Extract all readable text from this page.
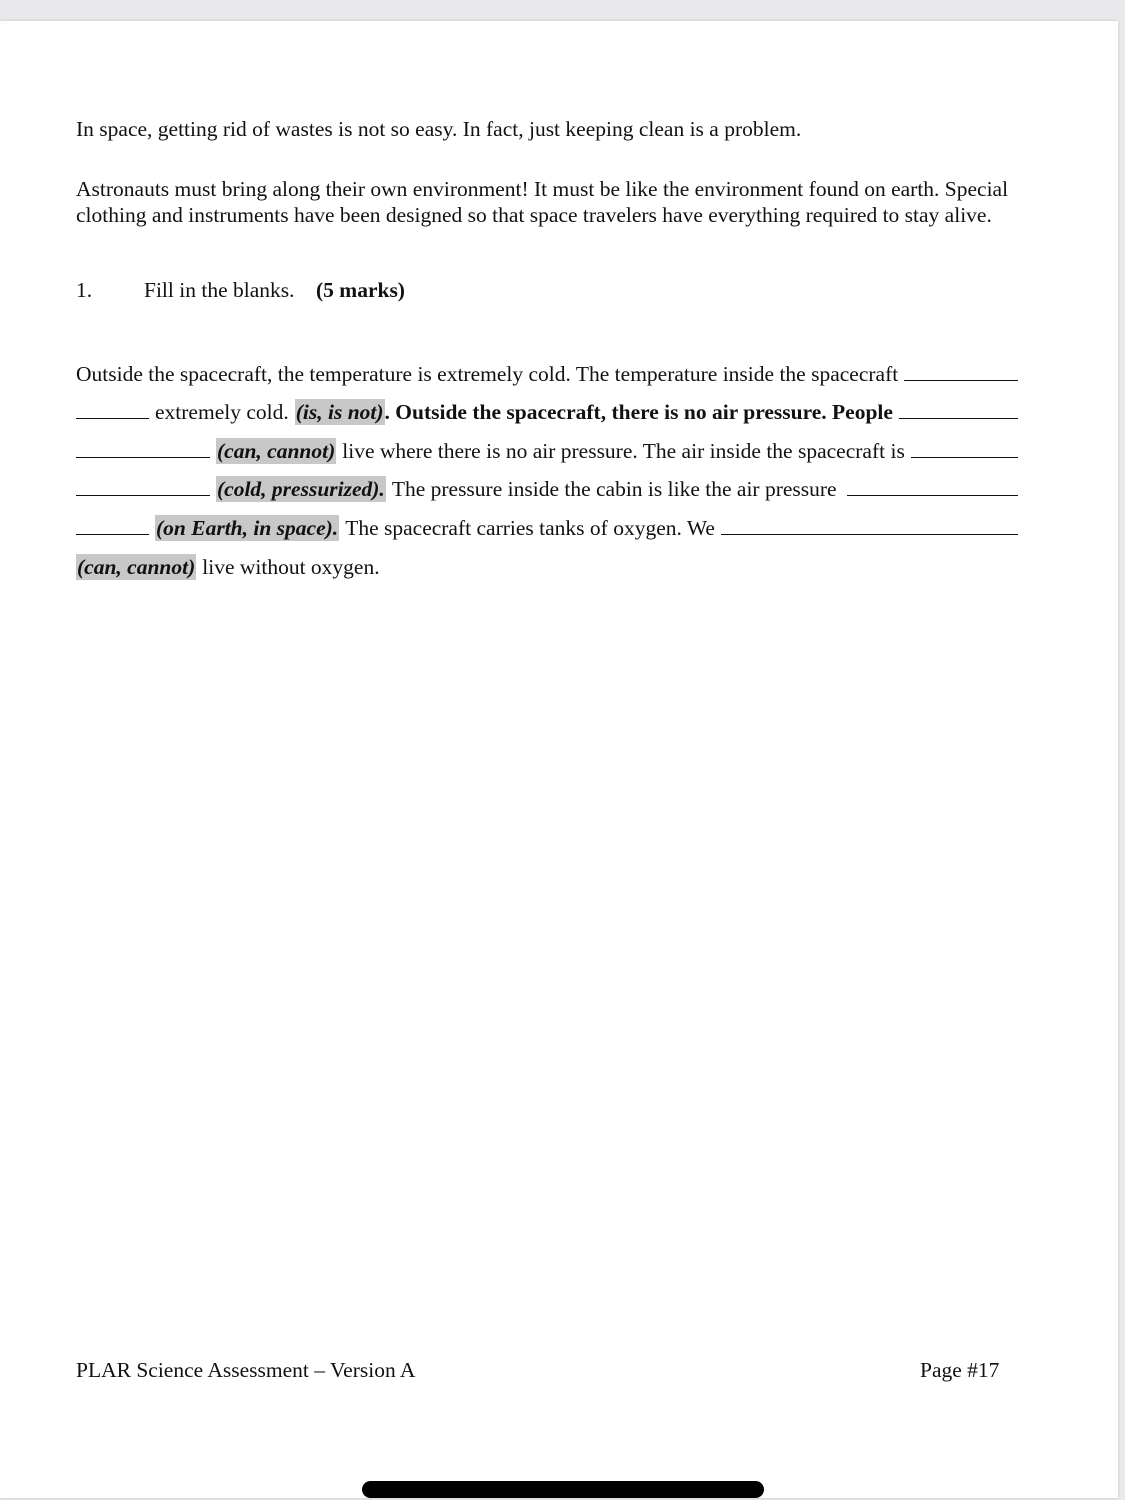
In space, getting rid of wastes is not so easy. In fact, just keeping clean is a problem.

Astronauts must bring along their own environment! It must be like the environment found on earth. Special clothing and instruments have been designed so that space travelers have everything required to stay alive.

1. Fill in the blanks. (5 marks)
Outside the spacecraft, the temperature is extremely cold. The temperature inside the spacecraft
extremely cold. (is, is not) . Outside the spacecraft, there is no air pressure. People
(can, cannot) live where there is no air pressure. The air inside the spacecraft is
(cold, pressurized). The pressure inside the cabin is like the air pressure
(on Earth, in space). The spacecraft carries tanks of oxygen. We
(can, cannot) live without oxygen.
PLAR Science Assessment – Version A	Page #17
